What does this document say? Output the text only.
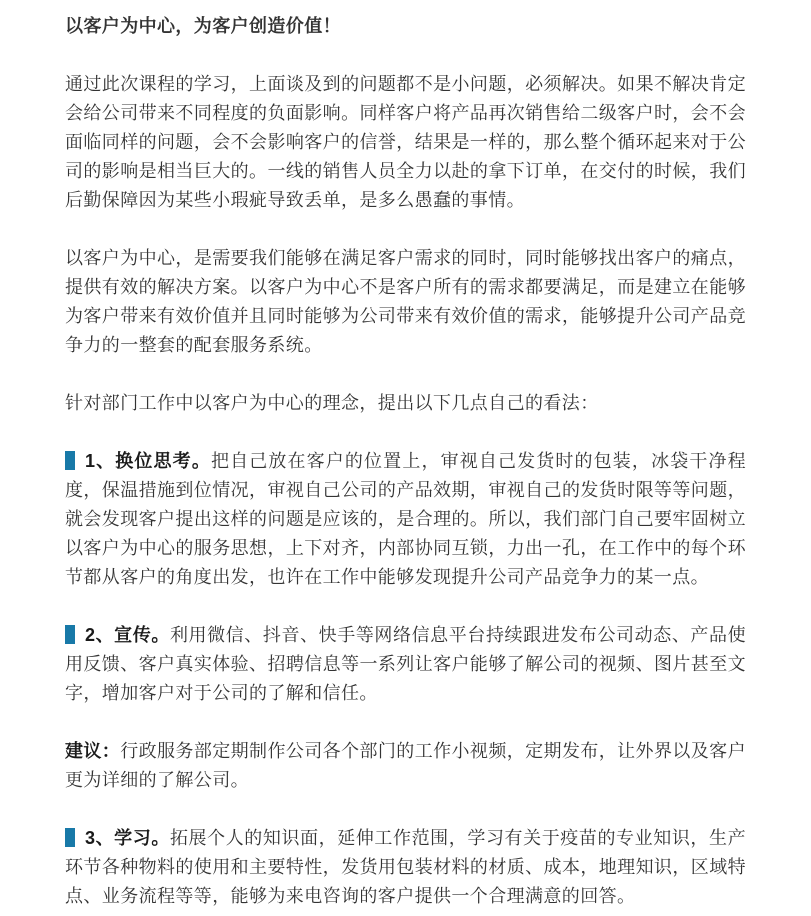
以客户为中心，为客户创造价值！

通过此次课程的学习，上面谈及到的问题都不是小问题，必须解决。如果不解决肯定会给公司带来不同程度的负面影响。同样客户将产品再次销售给二级客户时，会不会面临同样的问题，会不会影响客户的信誉，结果是一样的，那么整个循环起来对于公司的影响是相当巨大的。一线的销售人员全力以赴的拿下订单，在交付的时候，我们后勤保障因为某些小瑕疵导致丢单，是多么愚蠢的事情。

以客户为中心，是需要我们能够在满足客户需求的同时，同时能够找出客户的痛点，提供有效的解决方案。以客户为中心不是客户所有的需求都要满足，而是建立在能够为客户带来有效价值并且同时能够为公司带来有效价值的需求，能够提升公司产品竞争力的一整套的配套服务系统。

针对部门工作中以客户为中心的理念，提出以下几点自己的看法：

1、换位思考。把自己放在客户的位置上，审视自己发货时的包装，冰袋干净程度，保温措施到位情况，审视自己公司的产品效期，审视自己的发货时限等等问题，就会发现客户提出这样的问题是应该的，是合理的。所以，我们部门自己要牢固树立以客户为中心的服务思想，上下对齐，内部协同互锁，力出一孔，在工作中的每个环节都从客户的角度出发，也许在工作中能够发现提升公司产品竞争力的某一点。

2、宣传。利用微信、抖音、快手等网络信息平台持续跟进发布公司动态、产品使用反馈、客户真实体验、招聘信息等一系列让客户能够了解公司的视频、图片甚至文字，增加客户对于公司的了解和信任。

建议：行政服务部定期制作公司各个部门的工作小视频，定期发布，让外界以及客户更为详细的了解公司。

3、学习。拓展个人的知识面，延伸工作范围，学习有关于疫苗的专业知识，生产环节各种物料的使用和主要特性，发货用包装材料的材质、成本，地理知识，区域特点、业务流程等等，能够为来电咨询的客户提供一个合理满意的回答。
